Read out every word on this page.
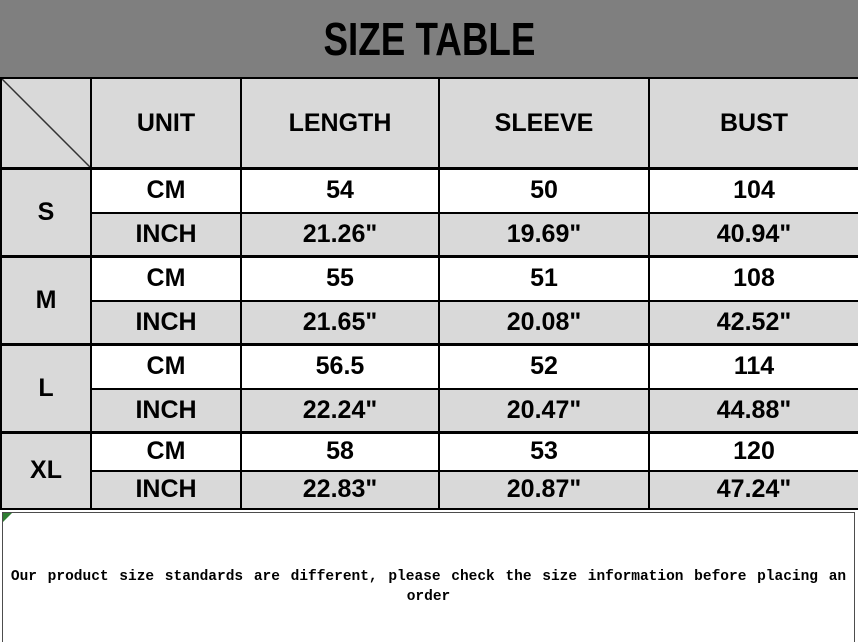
SIZE TABLE
	UNIT	LENGTH	SLEEVE	BUST
S	CM	54	50	104
	INCH	21.26"	19.69"	40.94"
M	CM	55	51	108
	INCH	21.65"	20.08"	42.52"
L	CM	56.5	52	114
	INCH	22.24"	20.47"	44.88"
XL	CM	58	53	120
	INCH	22.83"	20.87"	47.24"
Our product size standards are different, please check the size information before placing an order
